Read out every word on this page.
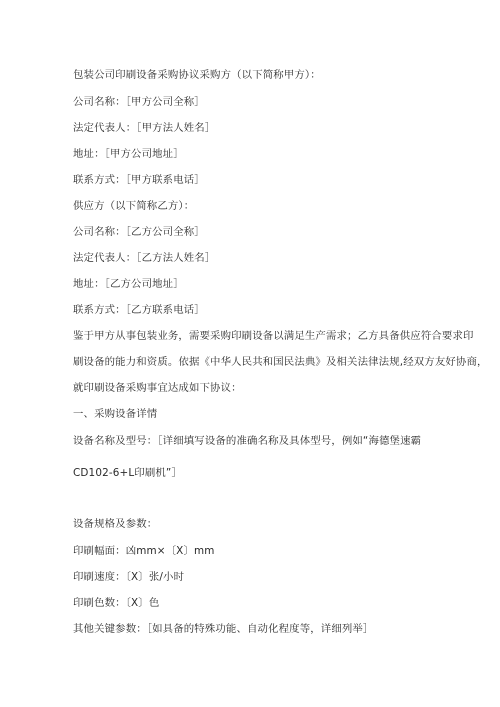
包装公司印刷设备采购协议采购方（以下简称甲方）：
公司名称：［甲方公司全称］
法定代表人：［甲方法人姓名］
地址：［甲方公司地址］
联系方式：［甲方联系电话］
供应方（以下简称乙方）：
公司名称：［乙方公司全称］
法定代表人：［乙方法人姓名］
地址：［乙方公司地址］
联系方式：［乙方联系电话］
鉴于甲方从事包装业务，需要采购印刷设备以满足生产需求；乙方具备供应符合要求印
刷设备的能力和资质。依据《中华人民共和国民法典》及相关法律法规,经双方友好协商，
就印刷设备采购事宜达成如下协议：
一、采购设备详情
设备名称及型号：［详细填写设备的准确名称及具体型号，例如“海德堡速霸
CD102-6+L印刷机”］
设备规格及参数：
印刷幅面：凶mm×〔X〕mm
印刷速度：〔X〕张/小时
印刷色数：〔X〕色
其他关键参数：［如具备的特殊功能、自动化程度等，详细列举］
